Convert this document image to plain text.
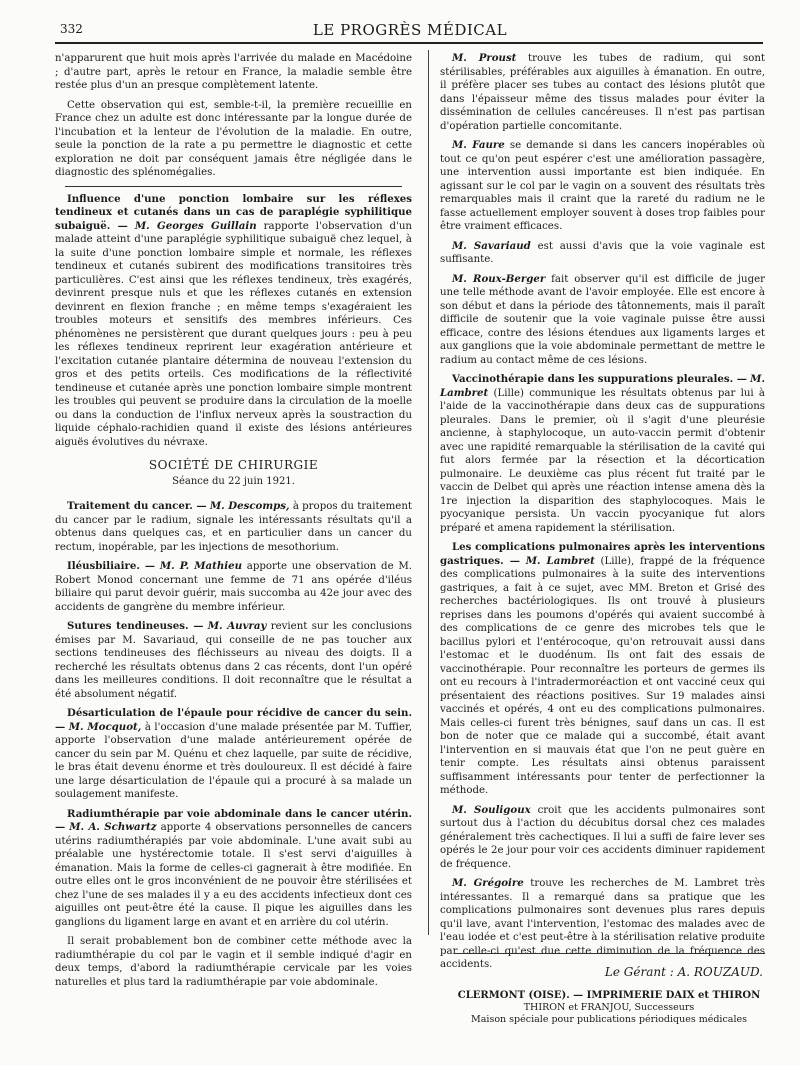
332	LE PROGRÈS MÉDICAL

n'apparurent que huit mois après l'arrivée du malade en Macédoine ; d'autre part, après le retour en France, la maladie semble être restée plus d'un an presque complètement latente.

Cette observation qui est, semble-t-il, la première recueillie en France chez un adulte est donc intéressante par la longue durée de l'incubation et la lenteur de l'évolution de la maladie. En outre, seule la ponction de la rate a pu permettre le diagnostic et cette exploration ne doit par conséquent jamais être négligée dans le diagnostic des splénomégalies.

Influence d'une ponction lombaire sur les réflexes tendineux et cutanés dans un cas de paraplégie syphilitique subaiguë. — M. Georges Guillain rapporte l'observation d'un malade atteint d'une paraplégie syphilitique subaiguë chez lequel, à la suite d'une ponction lombaire simple et normale, les réflexes tendineux et cutanés subirent des modifications transitoires très particulières. C'est ainsi que les réflexes tendineux, très exagérés, devinrent presque nuls et que les réflexes cutanés en extension devinrent en flexion franche ; en même temps s'exagéraient les troubles moteurs et sensitifs des membres inférieurs. Ces phénomènes ne persistèrent que durant quelques jours : peu à peu les réflexes tendineux reprirent leur exagération antérieure et l'excitation cutanée plantaire détermina de nouveau l'extension du gros et des petits orteils. Ces modifications de la réflectivité tendineuse et cutanée après une ponction lombaire simple montrent les troubles qui peuvent se produire dans la circulation de la moelle ou dans la conduction de l'influx nerveux après la soustraction du liquide céphalo-rachidien quand il existe des lésions antérieures aiguës évolutives du névraxe.

SOCIÉTÉ DE CHIRURGIE
Séance du 22 juin 1921.

Traitement du cancer. — M. Descomps, à propos du traitement du cancer par le radium, signale les intéressants résultats qu'il a obtenus dans quelques cas, et en particulier dans un cancer du rectum, inopérable, par les injections de mesothorium.

Iléusbiliaire. — M. P. Mathieu apporte une observation de M. Robert Monod concernant une femme de 71 ans opérée d'iléus biliaire qui parut devoir guérir, mais succomba au 42e jour avec des accidents de gangrène du membre inférieur.

Sutures tendineuses. — M. Auvray revient sur les conclusions émises par M. Savariaud, qui conseille de ne pas toucher aux sections tendineuses des fléchisseurs au niveau des doigts. Il a recherché les résultats obtenus dans 2 cas récents, dont l'un opéré dans les meilleures conditions. Il doit reconnaître que le résultat a été absolument négatif.

Désarticulation de l'épaule pour récidive de cancer du sein. — M. Mocquot, à l'occasion d'une malade présentée par M. Tuffier, apporte l'observation d'une malade antérieurement opérée de cancer du sein par M. Quénu et chez laquelle, par suite de récidive, le bras était devenu énorme et très douloureux. Il est décidé à faire une large désarticulation de l'épaule qui a procuré à sa malade un soulagement manifeste.

Radiumthérapie par voie abdominale dans le cancer utérin. — M. A. Schwartz apporte 4 observations personnelles de cancers utérins radiumthérapiés par voie abdominale. L'une avait subi au préalable une hystérectomie totale. Il s'est servi d'aiguilles à émanation. Mais la forme de celles-ci gagnerait à être modifiée. En outre elles ont le gros inconvénient de ne pouvoir être stérilisées et chez l'une de ses malades il y a eu des accidents infectieux dont ces aiguilles ont peut-être été la cause. Il pique les aiguilles dans les ganglions du ligament large en avant et en arrière du col utérin.

Il serait probablement bon de combiner cette méthode avec la radiumthérapie du col par le vagin et il semble indiqué d'agir en deux temps, d'abord la radiumthérapie cervicale par les voies naturelles et plus tard la radiumthérapie par voie abdominale.

M. Proust trouve les tubes de radium, qui sont stérilisables, préférables aux aiguilles à émanation. En outre, il préfère placer ses tubes au contact des lésions plutôt que dans l'épaisseur même des tissus malades pour éviter la dissémination de cellules cancéreuses. Il n'est pas partisan d'opération partielle concomitante.

M. Faure se demande si dans les cancers inopérables où tout ce qu'on peut espérer c'est une amélioration passagère, une intervention aussi importante est bien indiquée. En agissant sur le col par le vagin on a souvent des résultats très remarquables mais il craint que la rareté du radium ne le fasse actuellement employer souvent à doses trop faibles pour être vraiment efficaces.

M. Savariaud est aussi d'avis que la voie vaginale est suffisante.

M. Roux-Berger fait observer qu'il est difficile de juger une telle méthode avant de l'avoir employée. Elle est encore à son début et dans la période des tâtonnements, mais il paraît difficile de soutenir que la voie vaginale puisse être aussi efficace, contre des lésions étendues aux ligaments larges et aux ganglions que la voie abdominale permettant de mettre le radium au contact même de ces lésions.

Vaccinothérapie dans les suppurations pleurales. — M. Lambret (Lille) communique les résultats obtenus par lui à l'aide de la vaccinothérapie dans deux cas de suppurations pleurales. Dans le premier, où il s'agit d'une pleurésie ancienne, à staphylocoque, un auto-vaccin permit d'obtenir avec une rapidité remarquable la stérilisation de la cavité qui fut alors fermée par la résection et la décortication pulmonaire. Le deuxième cas plus récent fut traité par le vaccin de Delbet qui après une réaction intense amena dès la 1re injection la disparition des staphylocoques. Mais le pyocyanique persista. Un vaccin pyocyanique fut alors préparé et amena rapidement la stérilisation.

Les complications pulmonaires après les interventions gastriques. — M. Lambret (Lille), frappé de la fréquence des complications pulmonaires à la suite des interventions gastriques, a fait à ce sujet, avec MM. Breton et Grisé des recherches bactériologiques. Ils ont trouvé à plusieurs reprises dans les poumons d'opérés qui avaient succombé à des complications de ce genre des microbes tels que le bacillus pylori et l'entérocoque, qu'on retrouvait aussi dans l'estomac et le duodénum. Ils ont fait des essais de vaccinothérapie. Pour reconnaître les porteurs de germes ils ont eu recours à l'intradermoréaction et ont vacciné ceux qui présentaient des réactions positives. Sur 19 malades ainsi vaccinés et opérés, 4 ont eu des complications pulmonaires. Mais celles-ci furent très bénignes, sauf dans un cas. Il est bon de noter que ce malade qui a succombé, était avant l'intervention en si mauvais état que l'on ne peut guère en tenir compte. Les résultats ainsi obtenus paraissent suffisamment intéressants pour tenter de perfectionner la méthode.

M. Souligoux croit que les accidents pulmonaires sont surtout dus à l'action du décubitus dorsal chez ces malades généralement très cachectiques. Il lui a suffi de faire lever ses opérés le 2e jour pour voir ces accidents diminuer rapidement de fréquence.

M. Grégoire trouve les recherches de M. Lambret très intéressantes. Il a remarqué dans sa pratique que les complications pulmonaires sont devenues plus rares depuis qu'il lave, avant l'intervention, l'estomac des malades avec de l'eau iodée et c'est peut-être à la stérilisation relative produite par celle-ci qu'est due cette diminution de la fréquence des accidents.

Le Gérant : A. ROUZAUD.
CLERMONT (OISE). — IMPRIMERIE DAIX et THIRON
THIRON et FRANJOU, Successeurs
Maison spéciale pour publications périodiques médicales
